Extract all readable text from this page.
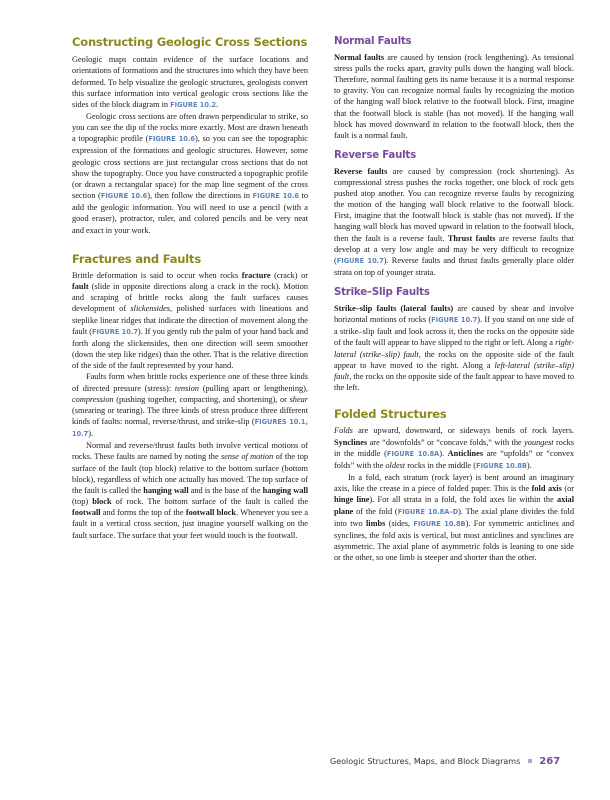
Constructing Geologic Cross Sections

Geologic maps contain evidence of the surface locations and orientations of formations and the structures into which they have been deformed. To help visualize the geologic structures, geologists convert this surface information into vertical geologic cross sections like the sides of the block diagram in FIGURE 10.2.

Geologic cross sections are often drawn perpendicular to strike, so you can see the dip of the rocks more exactly. Most are drawn beneath a topographic profile (FIGURE 10.6), so you can see the topographic expression of the formations and geologic structures. However, some geologic cross sections are just rectangular cross sections that do not show the topography. Once you have constructed a topographic profile (or drawn a rectangular space) for the map line segment of the cross section (FIGURE 10.6), then follow the directions in FIGURE 10.6 to add the geologic information. You will need to use a pencil (with a good eraser), protractor, ruler, and colored pencils and be very neat and exact in your work.

Fractures and Faults

Brittle deformation is said to occur when rocks fracture (crack) or fault (slide in opposite directions along a crack in the rock). Motion and scraping of brittle rocks along the fault surfaces causes development of slickensides, polished surfaces with lineations and steplike linear ridges that indicate the direction of movement along the fault (FIGURE 10.7). If you gently rub the palm of your hand back and forth along the slickensides, then one direction will seem smoother (down the step like ridges) than the other. That is the relative direction of the side of the fault represented by your hand.

Faults form when brittle rocks experience one of these three kinds of directed pressure (stress): tension (pulling apart or lengthening), compression (pushing together, compacting, and shortening), or shear (smearing or tearing). The three kinds of stress produce three different kinds of faults: normal, reverse/thrust, and strike-slip (FIGURES 10.1, 10.7).

Normal and reverse/thrust faults both involve vertical motions of rocks. These faults are named by noting the sense of motion of the top surface of the fault (top block) relative to the bottom surface (bottom block), regardless of which one actually has moved. The top surface of the fault is called the hanging wall and is the base of the hanging wall (top) block of rock. The bottom surface of the fault is called the footwall and forms the top of the footwall block. Whenever you see a fault in a vertical cross section, just imagine yourself walking on the fault surface. The surface that your feet would touch is the footwall.

Normal Faults

Normal faults are caused by tension (rock lengthening). As tensional stress pulls the rocks apart, gravity pulls down the hanging wall block. Therefore, normal faulting gets its name because it is a normal response to gravity. You can recognize normal faults by recognizing the motion of the hanging wall block relative to the footwall block. First, imagine that the footwall block is stable (has not moved). If the hanging wall block has moved downward in relation to the footwall block, then the fault is a normal fault.

Reverse Faults

Reverse faults are caused by compression (rock shortening). As compressional stress pushes the rocks together, one block of rock gets pushed atop another. You can recognize reverse faults by recognizing the motion of the hanging wall block relative to the footwall block. First, imagine that the footwall block is stable (has not moved). If the hanging wall block has moved upward in relation to the footwall block, then the fault is a reverse fault. Thrust faults are reverse faults that develop at a very low angle and may be very difficult to recognize (FIGURE 10.7). Reverse faults and thrust faults generally place older strata on top of younger strata.

Strike–Slip Faults

Strike–slip faults (lateral faults) are caused by shear and involve horizontal motions of rocks (FIGURE 10.7). If you stand on one side of a strike–slip fault and look across it, then the rocks on the opposite side of the fault will appear to have slipped to the right or left. Along a right-lateral (strike–slip) fault, the rocks on the opposite side of the fault appear to have moved to the right. Along a left-lateral (strike–slip) fault, the rocks on the opposite side of the fault appear to have moved to the left.

Folded Structures

Folds are upward, downward, or sideways bends of rock layers. Synclines are “downfolds” or “concave folds,” with the youngest rocks in the middle (FIGURE 10.8A). Anticlines are “upfolds” or “convex folds” with the oldest rocks in the middle (FIGURE 10.8B).

In a fold, each stratum (rock layer) is bent around an imaginary axis, like the crease in a piece of folded paper. This is the fold axis (or hinge line). For all strata in a fold, the fold axes lie within the axial plane of the fold (FIGURE 10.8A–D). The axial plane divides the fold into two limbs (sides, FIGURE 10.8B). For symmetric anticlines and synclines, the fold axis is vertical, but most anticlines and synclines are asymmetric. The axial plane of asymmetric folds is leaning to one side or the other, so one limb is steeper and shorter than the other.

Geologic Structures, Maps, and Block Diagrams 267
